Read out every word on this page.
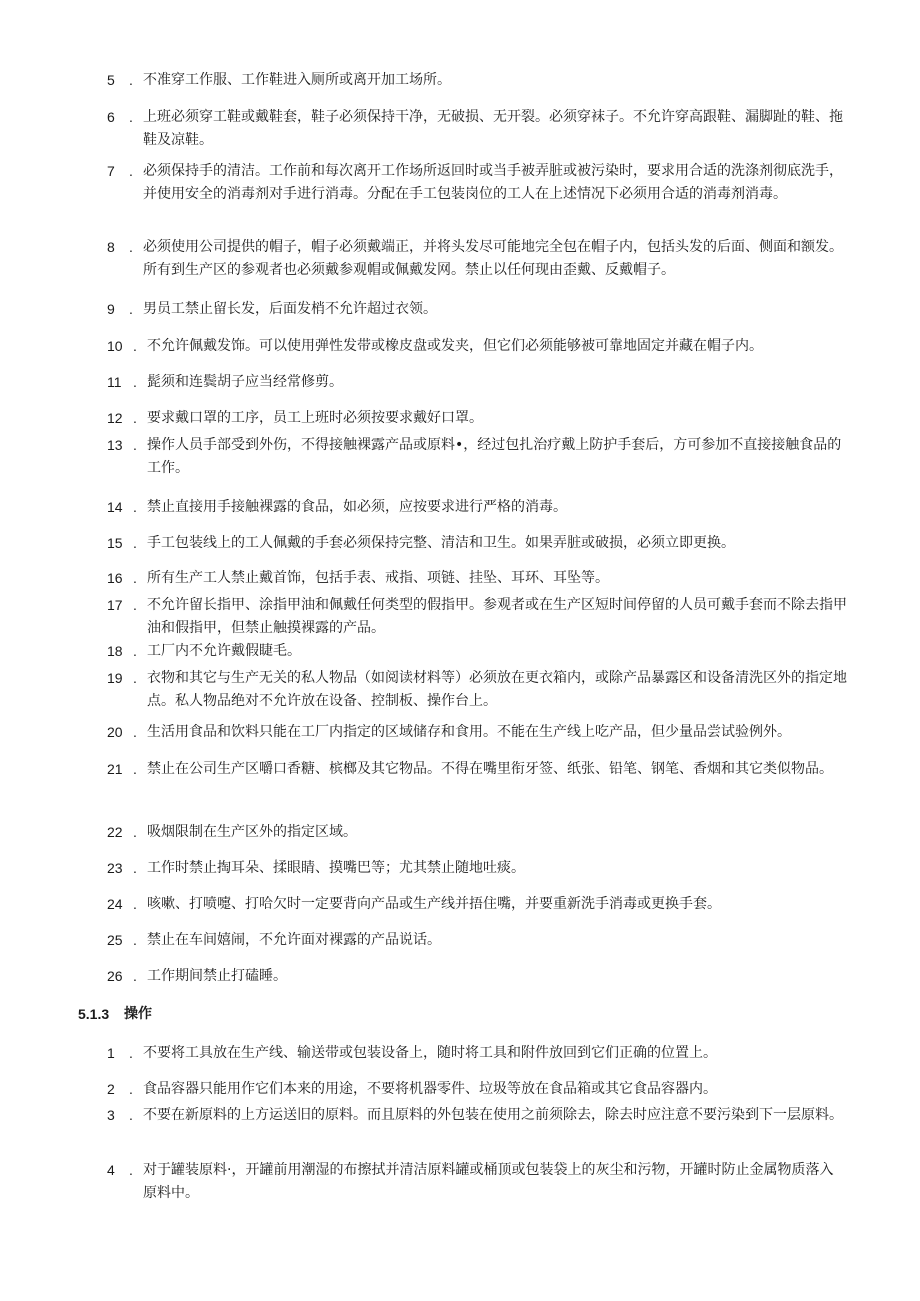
5	. 不准穿工作服、工作鞋进入厕所或离开加工场所。
6	. 上班必须穿工鞋或戴鞋套，鞋子必须保持干净，无破损、无开裂。必须穿袜子。不允许穿高跟鞋、漏脚趾的鞋、拖鞋及凉鞋。
7	. 必须保持手的清洁。工作前和每次离开工作场所返回时或当手被弄脏或被污染时，要求用合适的洗涤剂彻底洗手，并使用安全的消毒剂对手进行消毒。分配在手工包装岗位的工人在上述情况下必须用合适的消毒剂消毒。
8	. 必须使用公司提供的帽子，帽子必须戴端正，并将头发尽可能地完全包在帽子内，包括头发的后面、侧面和额发。所有到生产区的参观者也必须戴参观帽或佩戴发网。禁止以任何现由歪戴、反戴帽子。
9	. 男员工禁止留长发，后面发梢不允许超过衣领。
10 . 不允许佩戴发饰。可以使用弹性发带或橡皮盘或发夹，但它们必须能够被可靠地固定并藏在帽子内。
11 . 髭须和连鬓胡子应当经常修剪。
12 . 要求戴口罩的工序，员工上班时必须按要求戴好口罩。
13 . 操作人员手部受到外伤，不得接触裸露产品或原料•，经过包扎治疗戴上防护手套后，方可参加不直接接触食品的工作。
14 . 禁止直接用手接触裸露的食品，如必须，应按要求进行严格的消毒。
15 . 手工包装线上的工人佩戴的手套必须保持完整、清洁和卫生。如果弄脏或破损，必须立即更换。
16 . 所有生产工人禁止戴首饰，包括手表、戒指、项链、挂坠、耳环、耳坠等。
17 . 不允许留长指甲、涂指甲油和佩戴任何类型的假指甲。参观者或在生产区短时间停留的人员可戴手套而不除去指甲油和假指甲，但禁止触摸裸露的产品。
18 . 工厂内不允许戴假睫毛。
19 . 衣物和其它与生产无关的私人物品（如阅读材料等）必须放在更衣箱内，或除产品暴露区和设备清洗区外的指定地点。私人物品绝对不允许放在设备、控制板、操作台上。
20 . 生活用食品和饮料只能在工厂内指定的区域储存和食用。不能在生产线上吃产品，但少量品尝试验例外。
21 . 禁止在公司生产区嚼口香糖、槟榔及其它物品。不得在嘴里衔牙签、纸张、铅笔、钢笔、香烟和其它类似物品。
22 . 吸烟限制在生产区外的指定区域。
23 . 工作时禁止掏耳朵、揉眼睛、摸嘴巴等；尤其禁止随地吐痰。
24 . 咳嗽、打喷嚏、打哈欠时一定要背向产品或生产线并捂住嘴，并要重新洗手消毒或更换手套。
25 . 禁止在车间嬉闹，不允许面对裸露的产品说话。
26 . 工作期间禁止打磕睡。
5.1.3	操作
1	. 不要将工具放在生产线、输送带或包装设备上，随时将工具和附件放回到它们正确的位置上。
2	. 食品容器只能用作它们本来的用途，不要将机器零件、垃圾等放在食品箱或其它食品容器内。
3	. 不要在新原料的上方运送旧的原料。而且原料的外包装在使用之前须除去，除去时应注意不要污染到下一层原料。
4	. 对于罐装原料·，开罐前用潮湿的布擦拭并清洁原料罐或桶顶或包装袋上的灰尘和污物，开罐时防止金属物质落入原料中。
